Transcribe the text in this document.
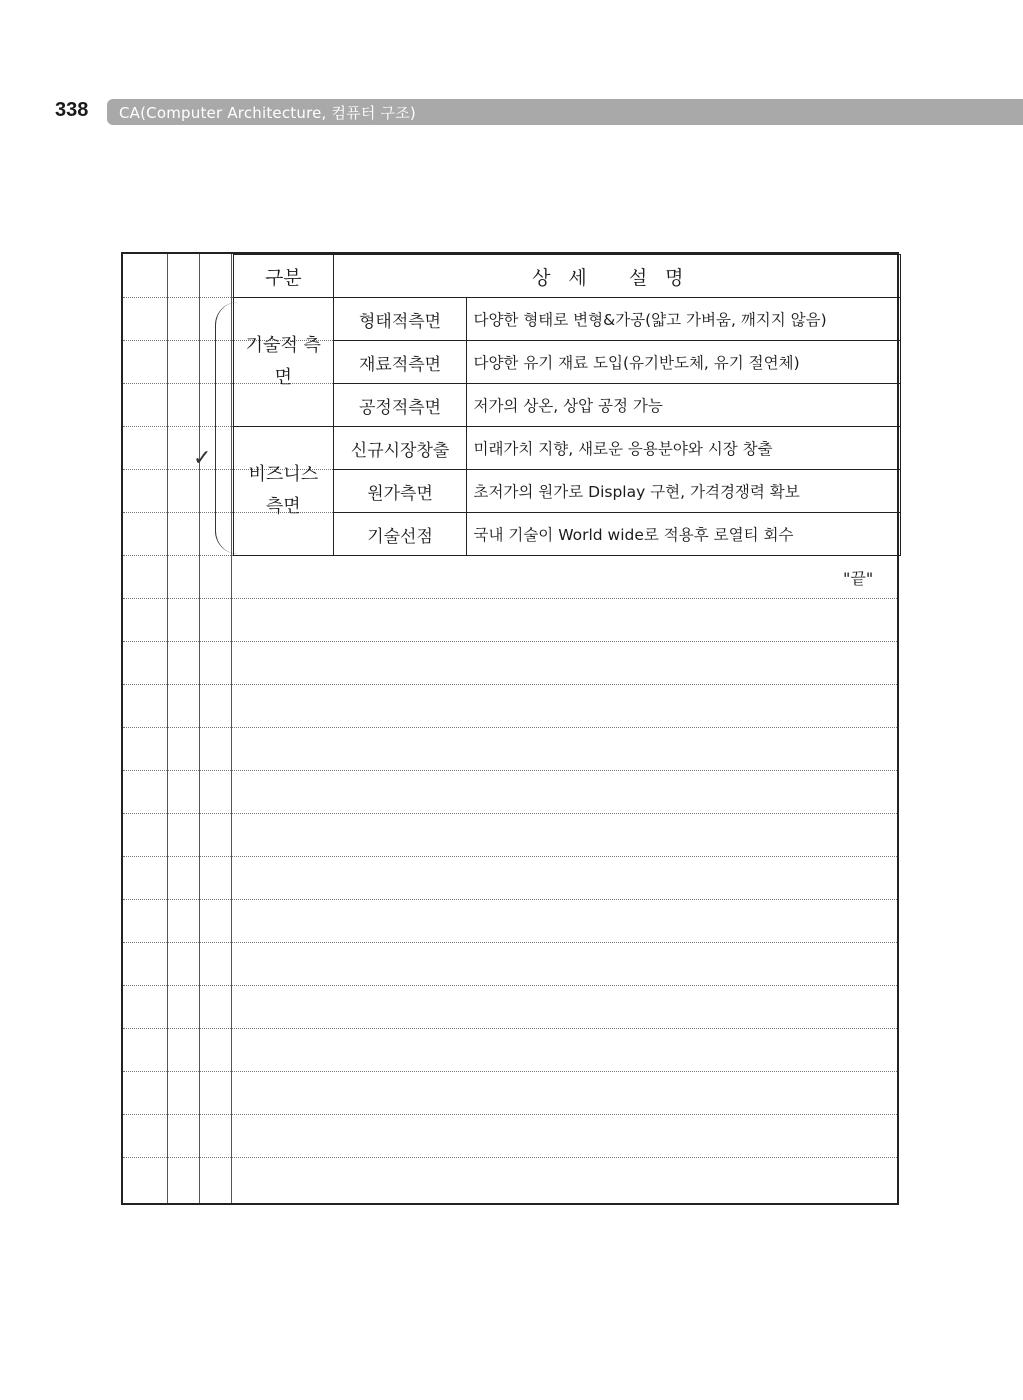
338 CA(Computer Architecture, 컴퓨터 구조)
✓
구분	상세 설명	
기술적 측면	형태적측면	다양한 형태로 변형&가공(얇고 가벼움, 깨지지 않음)
	재료적측면	다양한 유기 재료 도입(유기반도체, 유기 절연체)
	공정적측면	저가의 상온, 상압 공정 가능
비즈니스 측면	신규시장창출	미래가치 지향, 새로운 응용분야와 시장 창출
	원가측면	초저가의 원가로 Display 구현, 가격경쟁력 확보
	기술선점	국내 기술이 World wide로 적용후 로열티 회수
"끝"
